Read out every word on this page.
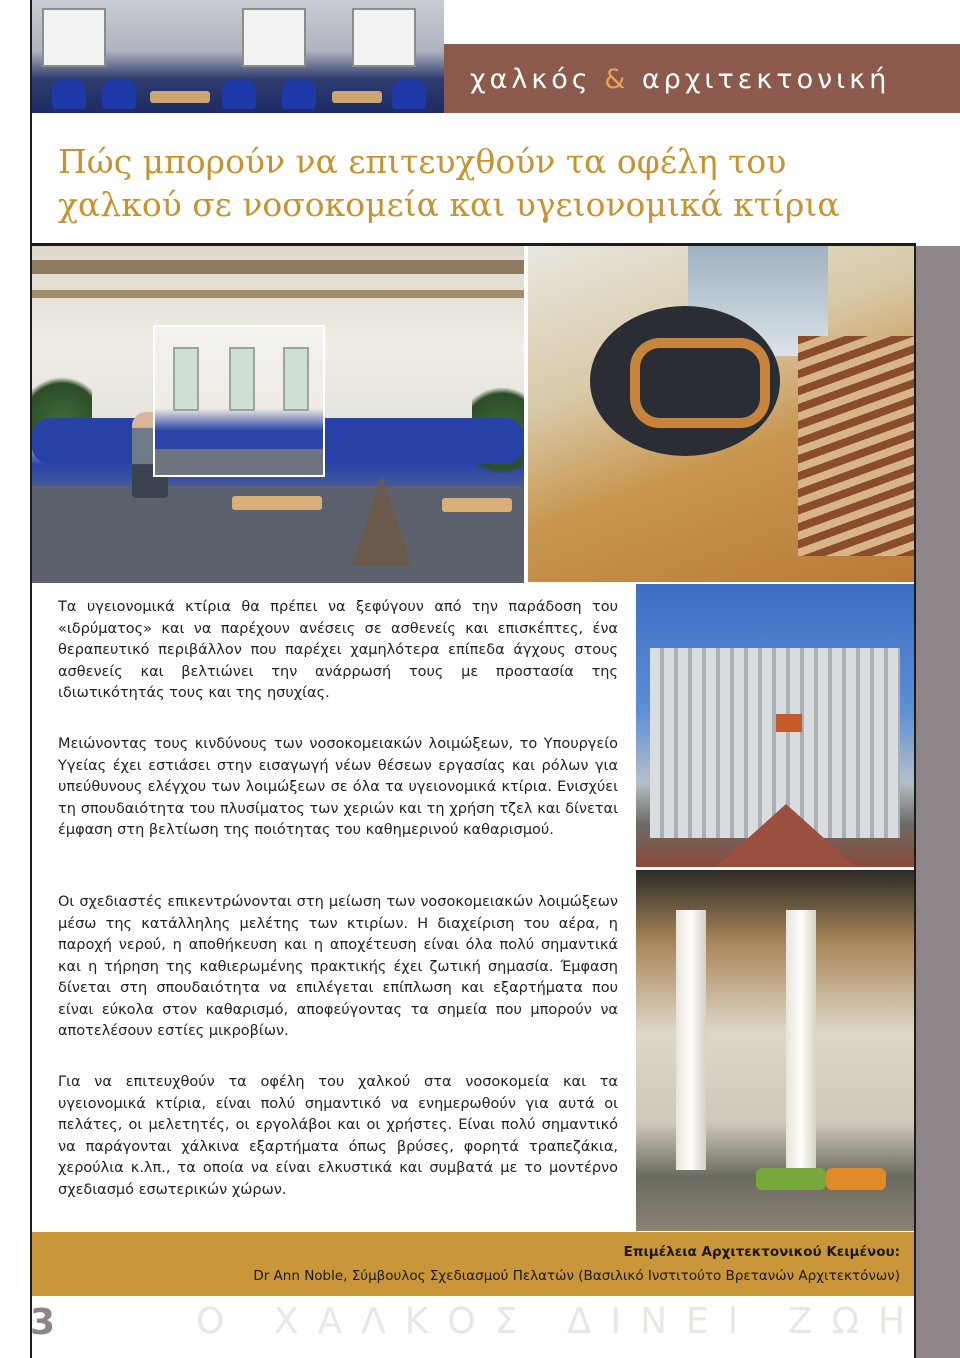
χαλκός & αρχιτεκτονική
Πώς μπορούν να επιτευχθούν τα οφέλη του
χαλκού σε νοσοκομεία και υγειονομικά κτίρια
Τα υγειονομικά κτίρια θα πρέπει να ξεφύγουν από την παράδοση του «ιδρύματος» και να παρέχουν ανέσεις σε ασθενείς και επισκέπτες, ένα θεραπευτικό περιβάλλον που παρέχει χαμηλότερα επίπεδα άγχους στους ασθενείς και βελτιώνει την ανάρρωσή τους με προστασία της ιδιωτικότητάς τους και της ησυχίας.
Μειώνοντας τους κινδύνους των νοσοκομειακών λοιμώξεων, το Υπουργείο Υγείας έχει εστιάσει στην εισαγωγή νέων θέσεων εργασίας και ρόλων για υπεύθυνους ελέγχου των λοιμώξεων σε όλα τα υγειονομικά κτίρια. Ενισχύει τη σπουδαιότητα του πλυσίματος των χεριών και τη χρήση τζελ και δίνεται έμφαση στη βελτίωση της ποιότητας του καθημερινού καθαρισμού.
Οι σχεδιαστές επικεντρώνονται στη μείωση των νοσοκομειακών λοιμώξεων μέσω της κατάλληλης μελέτης των κτιρίων. Η διαχείριση του αέρα, η παροχή νερού, η αποθήκευση και η αποχέτευση είναι όλα πολύ σημαντικά και η τήρηση της καθιερωμένης πρακτικής έχει ζωτική σημασία. Έμφαση δίνεται στη σπουδαιότητα να επιλέγεται επίπλωση και εξαρτήματα που είναι εύκολα στον καθαρισμό, αποφεύγοντας τα σημεία που μπορούν να αποτελέσουν εστίες μικροβίων.
Για να επιτευχθούν τα οφέλη του χαλκού στα νοσοκομεία και τα υγειονομικά κτίρια, είναι πολύ σημαντικό να ενημερωθούν για αυτά οι πελάτες, οι μελετητές, οι εργολάβοι και οι χρήστες. Είναι πολύ σημαντικό να παράγονται χάλκινα εξαρτήματα όπως βρύσες, φορητά τραπεζάκια, χερούλια κ.λπ., τα οποία να είναι ελκυστικά και συμβατά με το μοντέρνο σχεδιασμό εσωτερικών χώρων.
Επιμέλεια Αρχιτεκτονικού Κειμένου:
Dr Ann Noble, Σύμβουλος Σχεδιασμού Πελατών (Βασιλικό Ινστιτούτο Βρετανών Αρχιτεκτόνων)
3	Ο ΧΑΛΚΟΣ ΔΙΝΕΙ ΖΩΗ
